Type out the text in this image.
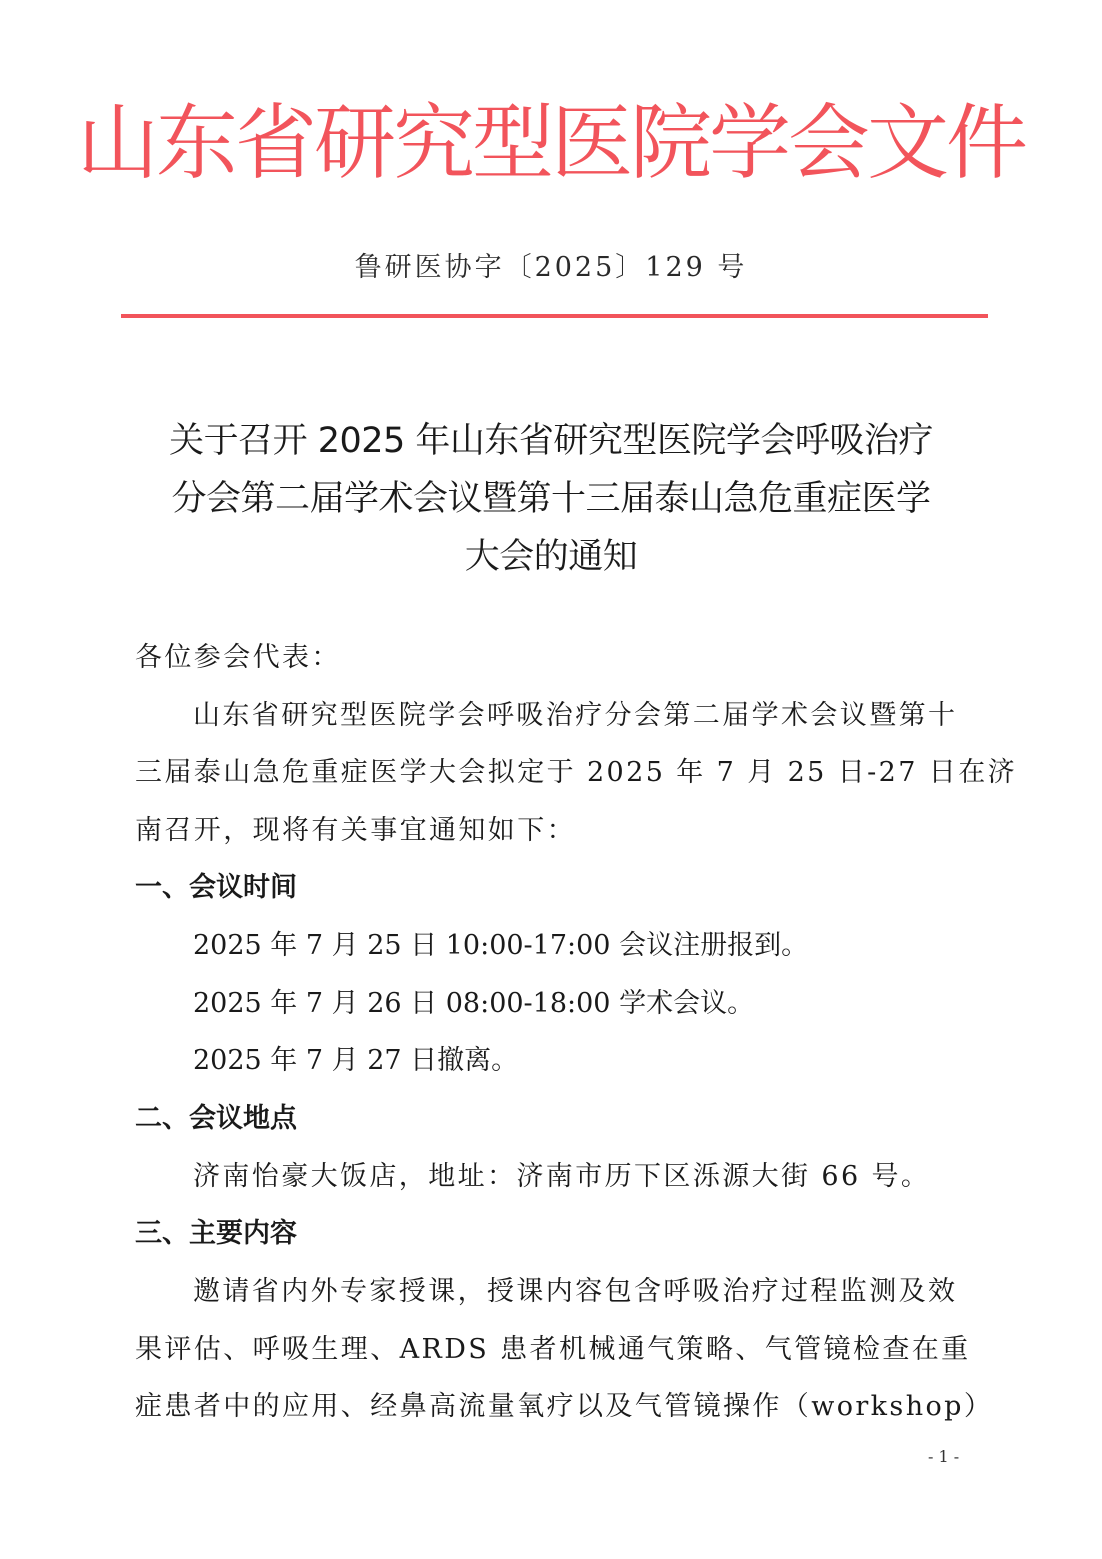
山东省研究型医院学会文件
鲁研医协字〔2025〕129 号
关于召开 2025 年山东省研究型医院学会呼吸治疗
分会第二届学术会议暨第十三届泰山急危重症医学
大会的通知
各位参会代表：
山东省研究型医院学会呼吸治疗分会第二届学术会议暨第十
三届泰山急危重症医学大会拟定于 2025 年 7 月 25 日-27 日在济
南召开，现将有关事宜通知如下：
一、会议时间
2025 年 7 月 25 日 10:00-17:00 会议注册报到。
2025 年 7 月 26 日 08:00-18:00 学术会议。
2025 年 7 月 27 日撤离。
二、会议地点
济南怡豪大饭店，地址：济南市历下区泺源大街 66 号。
三、主要内容
邀请省内外专家授课，授课内容包含呼吸治疗过程监测及效
果评估、呼吸生理、ARDS 患者机械通气策略、气管镜检查在重
症患者中的应用、经鼻高流量氧疗以及气管镜操作（workshop）
- 1 -
